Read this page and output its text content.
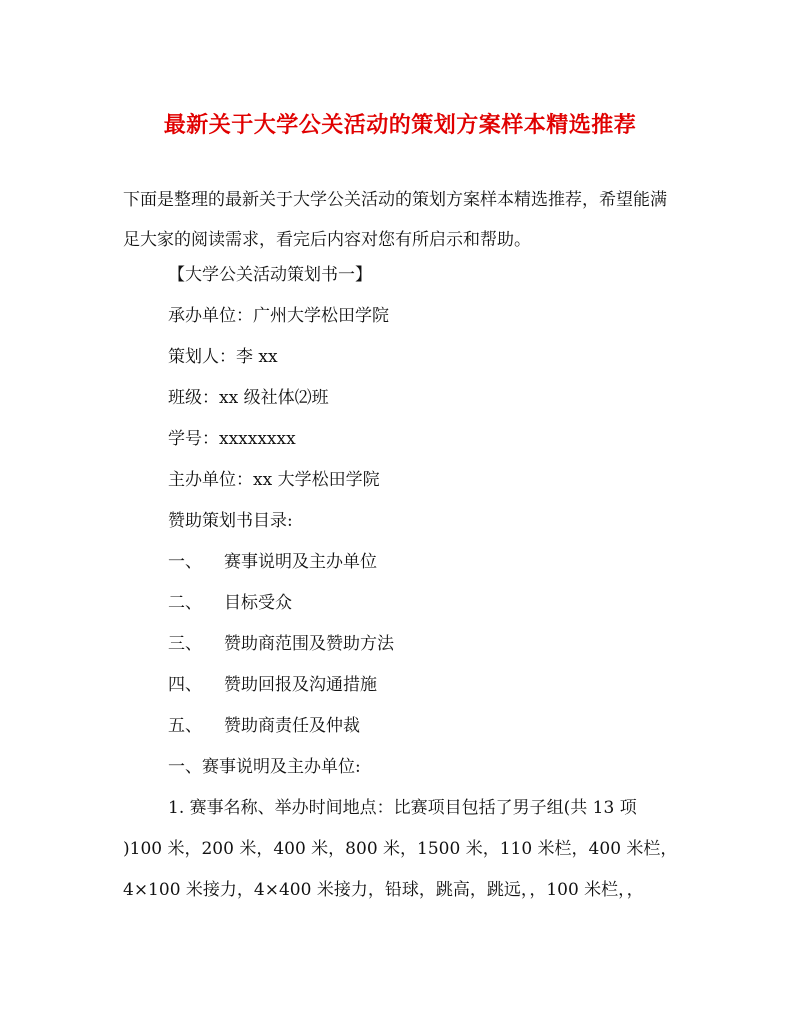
最新关于大学公关活动的策划方案样本精选推荐

下面是整理的最新关于大学公关活动的策划方案样本精选推荐，希望能满足大家的阅读需求，看完后内容对您有所启示和帮助。

【大学公关活动策划书一】
承办单位：广州大学松田学院
策划人：李 xx
班级：xx 级社体⑵班
学号：xxxxxxxx
主办单位：xx 大学松田学院
赞助策划书目录:
一、 赛事说明及主办单位
二、 目标受众
三、 赞助商范围及赞助方法
四、 赞助回报及沟通措施
五、 赞助商责任及仲裁
一、赛事说明及主办单位:
1. 赛事名称、举办时间地点：比赛项目包括了男子组(共 13 项
)100 米，200 米，400 米，800 米，1500 米，110 米栏，400 米栏，
4×100 米接力，4×400 米接力，铅球，跳高，跳远，，100 米栏，，
